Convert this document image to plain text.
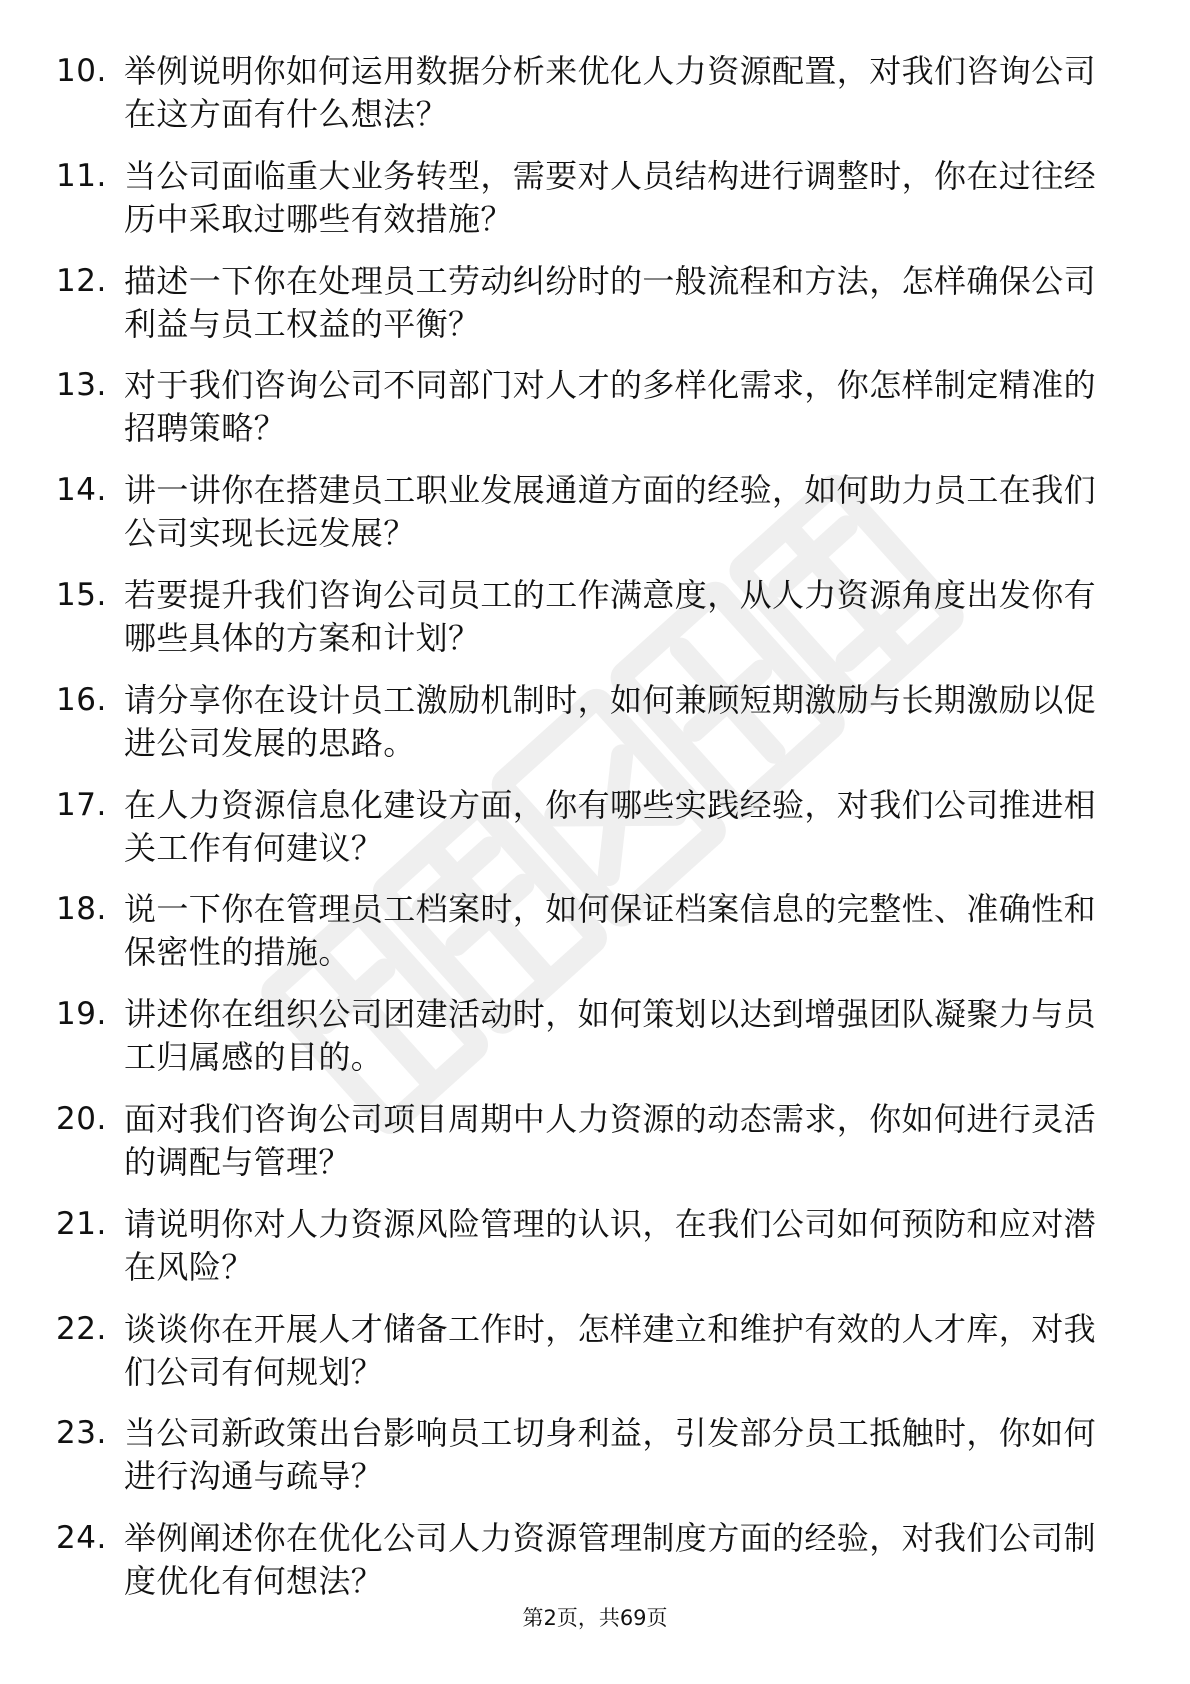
10. 举例说明你如何运用数据分析来优化人力资源配置，对我们咨询公司在这方面有什么想法？
11. 当公司面临重大业务转型，需要对人员结构进行调整时，你在过往经历中采取过哪些有效措施？
12. 描述一下你在处理员工劳动纠纷时的一般流程和方法，怎样确保公司利益与员工权益的平衡？
13. 对于我们咨询公司不同部门对人才的多样化需求，你怎样制定精准的招聘策略？
14. 讲一讲你在搭建员工职业发展通道方面的经验，如何助力员工在我们公司实现长远发展？
15. 若要提升我们咨询公司员工的工作满意度，从人力资源角度出发你有哪些具体的方案和计划？
16. 请分享你在设计员工激励机制时，如何兼顾短期激励与长期激励以促进公司发展的思路。
17. 在人力资源信息化建设方面，你有哪些实践经验，对我们公司推进相关工作有何建议？
18. 说一下你在管理员工档案时，如何保证档案信息的完整性、准确性和保密性的措施。
19. 讲述你在组织公司团建活动时，如何策划以达到增强团队凝聚力与员工归属感的目的。
20. 面对我们咨询公司项目周期中人力资源的动态需求，你如何进行灵活的调配与管理？
21. 请说明你对人力资源风险管理的认识，在我们公司如何预防和应对潜在风险？
22. 谈谈你在开展人才储备工作时，怎样建立和维护有效的人才库，对我们公司有何规划？
23. 当公司新政策出台影响员工切身利益，引发部分员工抵触时，你如何进行沟通与疏导？
24. 举例阐述你在优化公司人力资源管理制度方面的经验，对我们公司制度优化有何想法？
第2页，共69页
